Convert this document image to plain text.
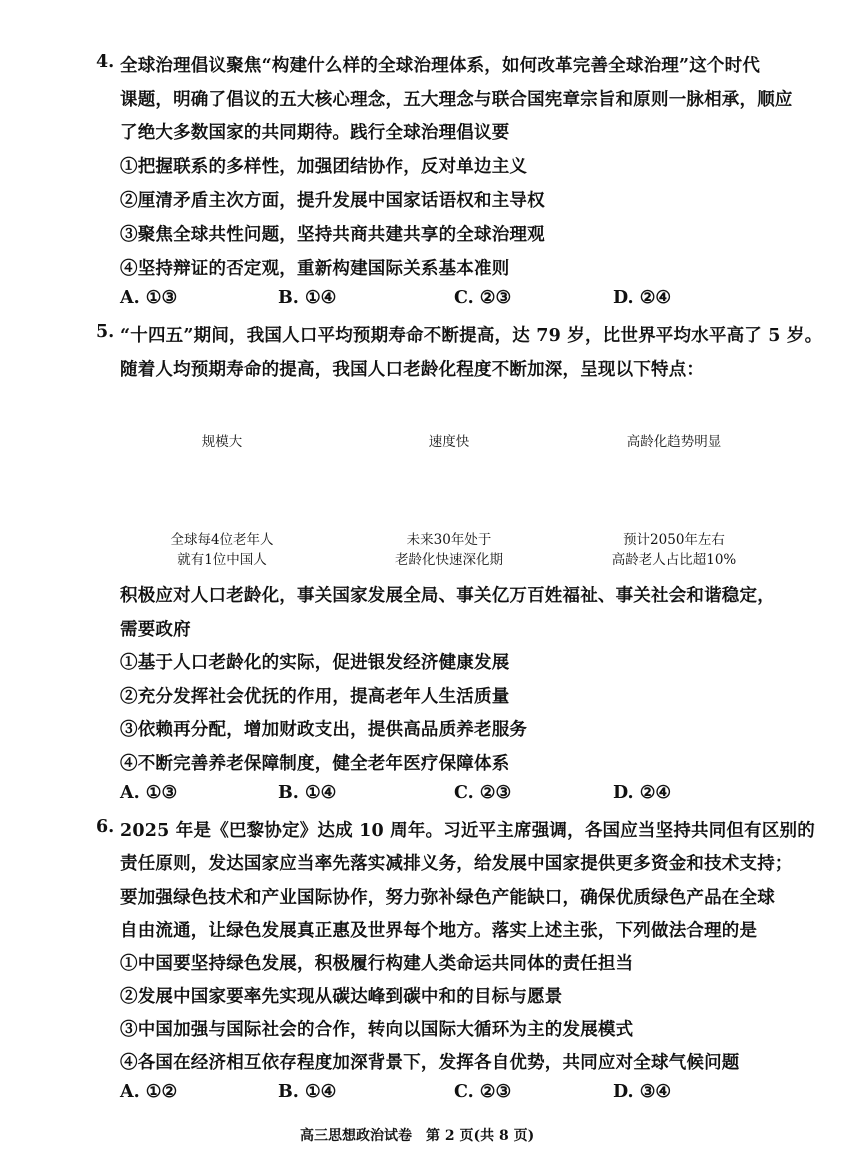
4. 全球治理倡议聚焦“构建什么样的全球治理体系，如何改革完善全球治理”这个时代
课题，明确了倡议的五大核心理念，五大理念与联合国宪章宗旨和原则一脉相承，顺应
了绝大多数国家的共同期待。践行全球治理倡议要
①把握联系的多样性，加强团结协作，反对单边主义
②厘清矛盾主次方面，提升发展中国家话语权和主导权
③聚焦全球共性问题，坚持共商共建共享的全球治理观
④坚持辩证的否定观，重新构建国际关系基本准则
A. ①③	B. ①④	C. ②③	D. ②④
5. “十四五”期间，我国人口平均预期寿命不断提高，达 79 岁，比世界平均水平高了 5 岁。
随着人均预期寿命的提高，我国人口老龄化程度不断加深，呈现以下特点：
规模大	速度快	高龄化趋势明显
全球每4位老年人
就有1位中国人
未来30年处于
老龄化快速深化期
预计2050年左右
高龄老人占比超10%
积极应对人口老龄化，事关国家发展全局、事关亿万百姓福祉、事关社会和谐稳定，
需要政府
①基于人口老龄化的实际，促进银发经济健康发展
②充分发挥社会优抚的作用，提高老年人生活质量
③依赖再分配，增加财政支出，提供高品质养老服务
④不断完善养老保障制度，健全老年医疗保障体系
A. ①③	B. ①④	C. ②③	D. ②④
6. 2025 年是《巴黎协定》达成 10 周年。习近平主席强调，各国应当坚持共同但有区别的
责任原则，发达国家应当率先落实减排义务，给发展中国家提供更多资金和技术支持；
要加强绿色技术和产业国际协作，努力弥补绿色产能缺口，确保优质绿色产品在全球
自由流通，让绿色发展真正惠及世界每个地方。落实上述主张，下列做法合理的是
①中国要坚持绿色发展，积极履行构建人类命运共同体的责任担当
②发展中国家要率先实现从碳达峰到碳中和的目标与愿景
③中国加强与国际社会的合作，转向以国际大循环为主的发展模式
④各国在经济相互依存程度加深背景下，发挥各自优势，共同应对全球气候问题
A. ①②	B. ①④	C. ②③	D. ③④
高三思想政治试卷　第 2 页(共 8 页)
